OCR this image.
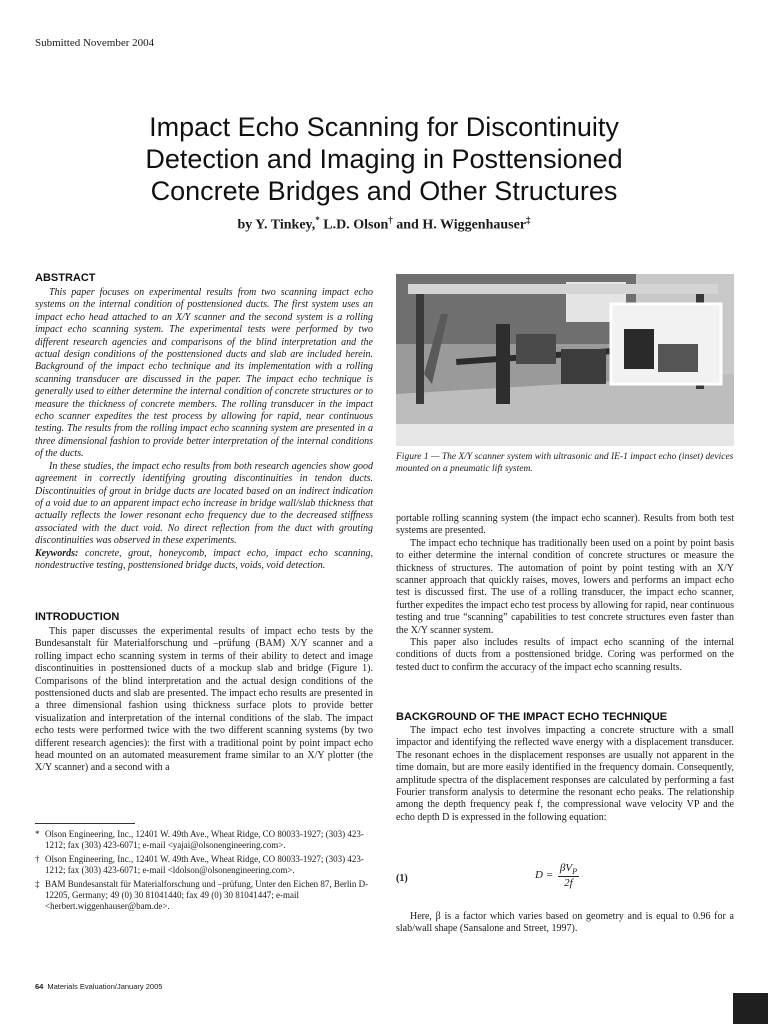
Submitted November 2004
Impact Echo Scanning for Discontinuity
Detection and Imaging in Posttensioned
Concrete Bridges and Other Structures
by Y. Tinkey,* L.D. Olson† and H. Wiggenhauser‡
ABSTRACT

This paper focuses on experimental results from two scanning impact echo systems on the internal condition of posttensioned ducts. The first system uses an impact echo head attached to an X/Y scanner and the second system is a rolling impact echo scanning system. The experimental tests were performed by two different research agencies and comparisons of the blind interpretation and the actual design conditions of the posttensioned ducts and slab are included herein. Background of the impact echo technique and its implementation with a rolling scanning transducer are discussed in the paper. The impact echo technique is generally used to either determine the internal condition of concrete structures or to measure the thickness of concrete members. The rolling transducer in the impact echo scanner expedites the test process by allowing for rapid, near continuous testing. The results from the rolling impact echo scanning system are presented in a three dimensional fashion to provide better interpretation of the internal conditions of the ducts.

In these studies, the impact echo results from both research agencies show good agreement in correctly identifying grouting discontinuities in tendon ducts. Discontinuities of grout in bridge ducts are located based on an indirect indication of a void due to an apparent impact echo increase in bridge wall/slab thickness that actually reflects the lower resonant echo frequency due to the decreased stiffness associated with the duct void. No direct reflection from the duct with grouting discontinuities was observed in these experiments.

Keywords: concrete, grout, honeycomb, impact echo, impact echo scanning, nondestructive testing, posttensioned bridge ducts, voids, void detection.

INTRODUCTION

This paper discusses the experimental results of impact echo tests by the Bundesanstalt für Materialforschung und –prüfung (BAM) X/Y scanner and a rolling impact echo scanning system in terms of their ability to detect and image discontinuities in posttensioned ducts of a mockup slab and bridge (Figure 1). Comparisons of the blind interpretation and the actual design conditions of the posttensioned ducts and slab are presented. The impact echo results are presented in a three dimensional fashion using thickness surface plots to provide better visualization and interpretation of the internal conditions of the slab. The impact echo tests were performed twice with the two different scanning systems (by two different research agencies): the first with a traditional point by point impact echo head mounted on an automated measurement frame similar to an X/Y plotter (the X/Y scanner) and a second with a

* Olson Engineering, Inc., 12401 W. 49th Ave., Wheat Ridge, CO 80033-1927; (303) 423-1212; fax (303) 423-6071; e-mail <yajai@olsonengineering.com>.
† Olson Engineering, Inc., 12401 W. 49th Ave., Wheat Ridge, CO 80033-1927; (303) 423-1212; fax (303) 423-6071; e-mail <ldolson@olsonengineering.com>.
‡ BAM Bundesanstalt für Materialforschung und –prüfung, Unter den Eichen 87, Berlin D-12205, Germany; 49 (0) 30 81041440; fax 49 (0) 30 81041447; e-mail <herbert.wiggenhauser@bam.de>.
Figure 1 — The X/Y scanner system with ultrasonic and IE-1 impact echo (inset) devices mounted on a pneumatic lift system.

portable rolling scanning system (the impact echo scanner). Results from both test systems are presented.

The impact echo technique has traditionally been used on a point by point basis to either determine the internal condition of concrete structures or measure the thickness of structures. The automation of point by point testing with an X/Y scanner approach that quickly raises, moves, lowers and performs an impact echo test is discussed first. The use of a rolling transducer, the impact echo scanner, further expedites the impact echo test process by allowing for rapid, near continuous testing and true “scanning” capabilities to test concrete structures even faster than the X/Y scanner system.

This paper also includes results of impact echo scanning of the internal conditions of ducts from a posttensioned bridge. Coring was performed on the tested duct to confirm the accuracy of the impact echo scanning results.

BACKGROUND OF THE IMPACT ECHO TECHNIQUE

The impact echo test involves impacting a concrete structure with a small impactor and identifying the reflected wave energy with a displacement transducer. The resonant echoes in the displacement responses are usually not apparent in the time domain, but are more easily identified in the frequency domain. Consequently, amplitude spectra of the displacement responses are calculated by performing a fast Fourier transform analysis to determine the resonant echo peaks. The relationship among the depth frequency peak f, the compressional wave velocity VP and the echo depth D is expressed in the following equation:

(1)	$D = \frac{\beta V_P}{2f}$

Here, β is a factor which varies based on geometry and is equal to 0.96 for a slab/wall shape (Sansalone and Street, 1997).

64 Materials Evaluation/January 2005
